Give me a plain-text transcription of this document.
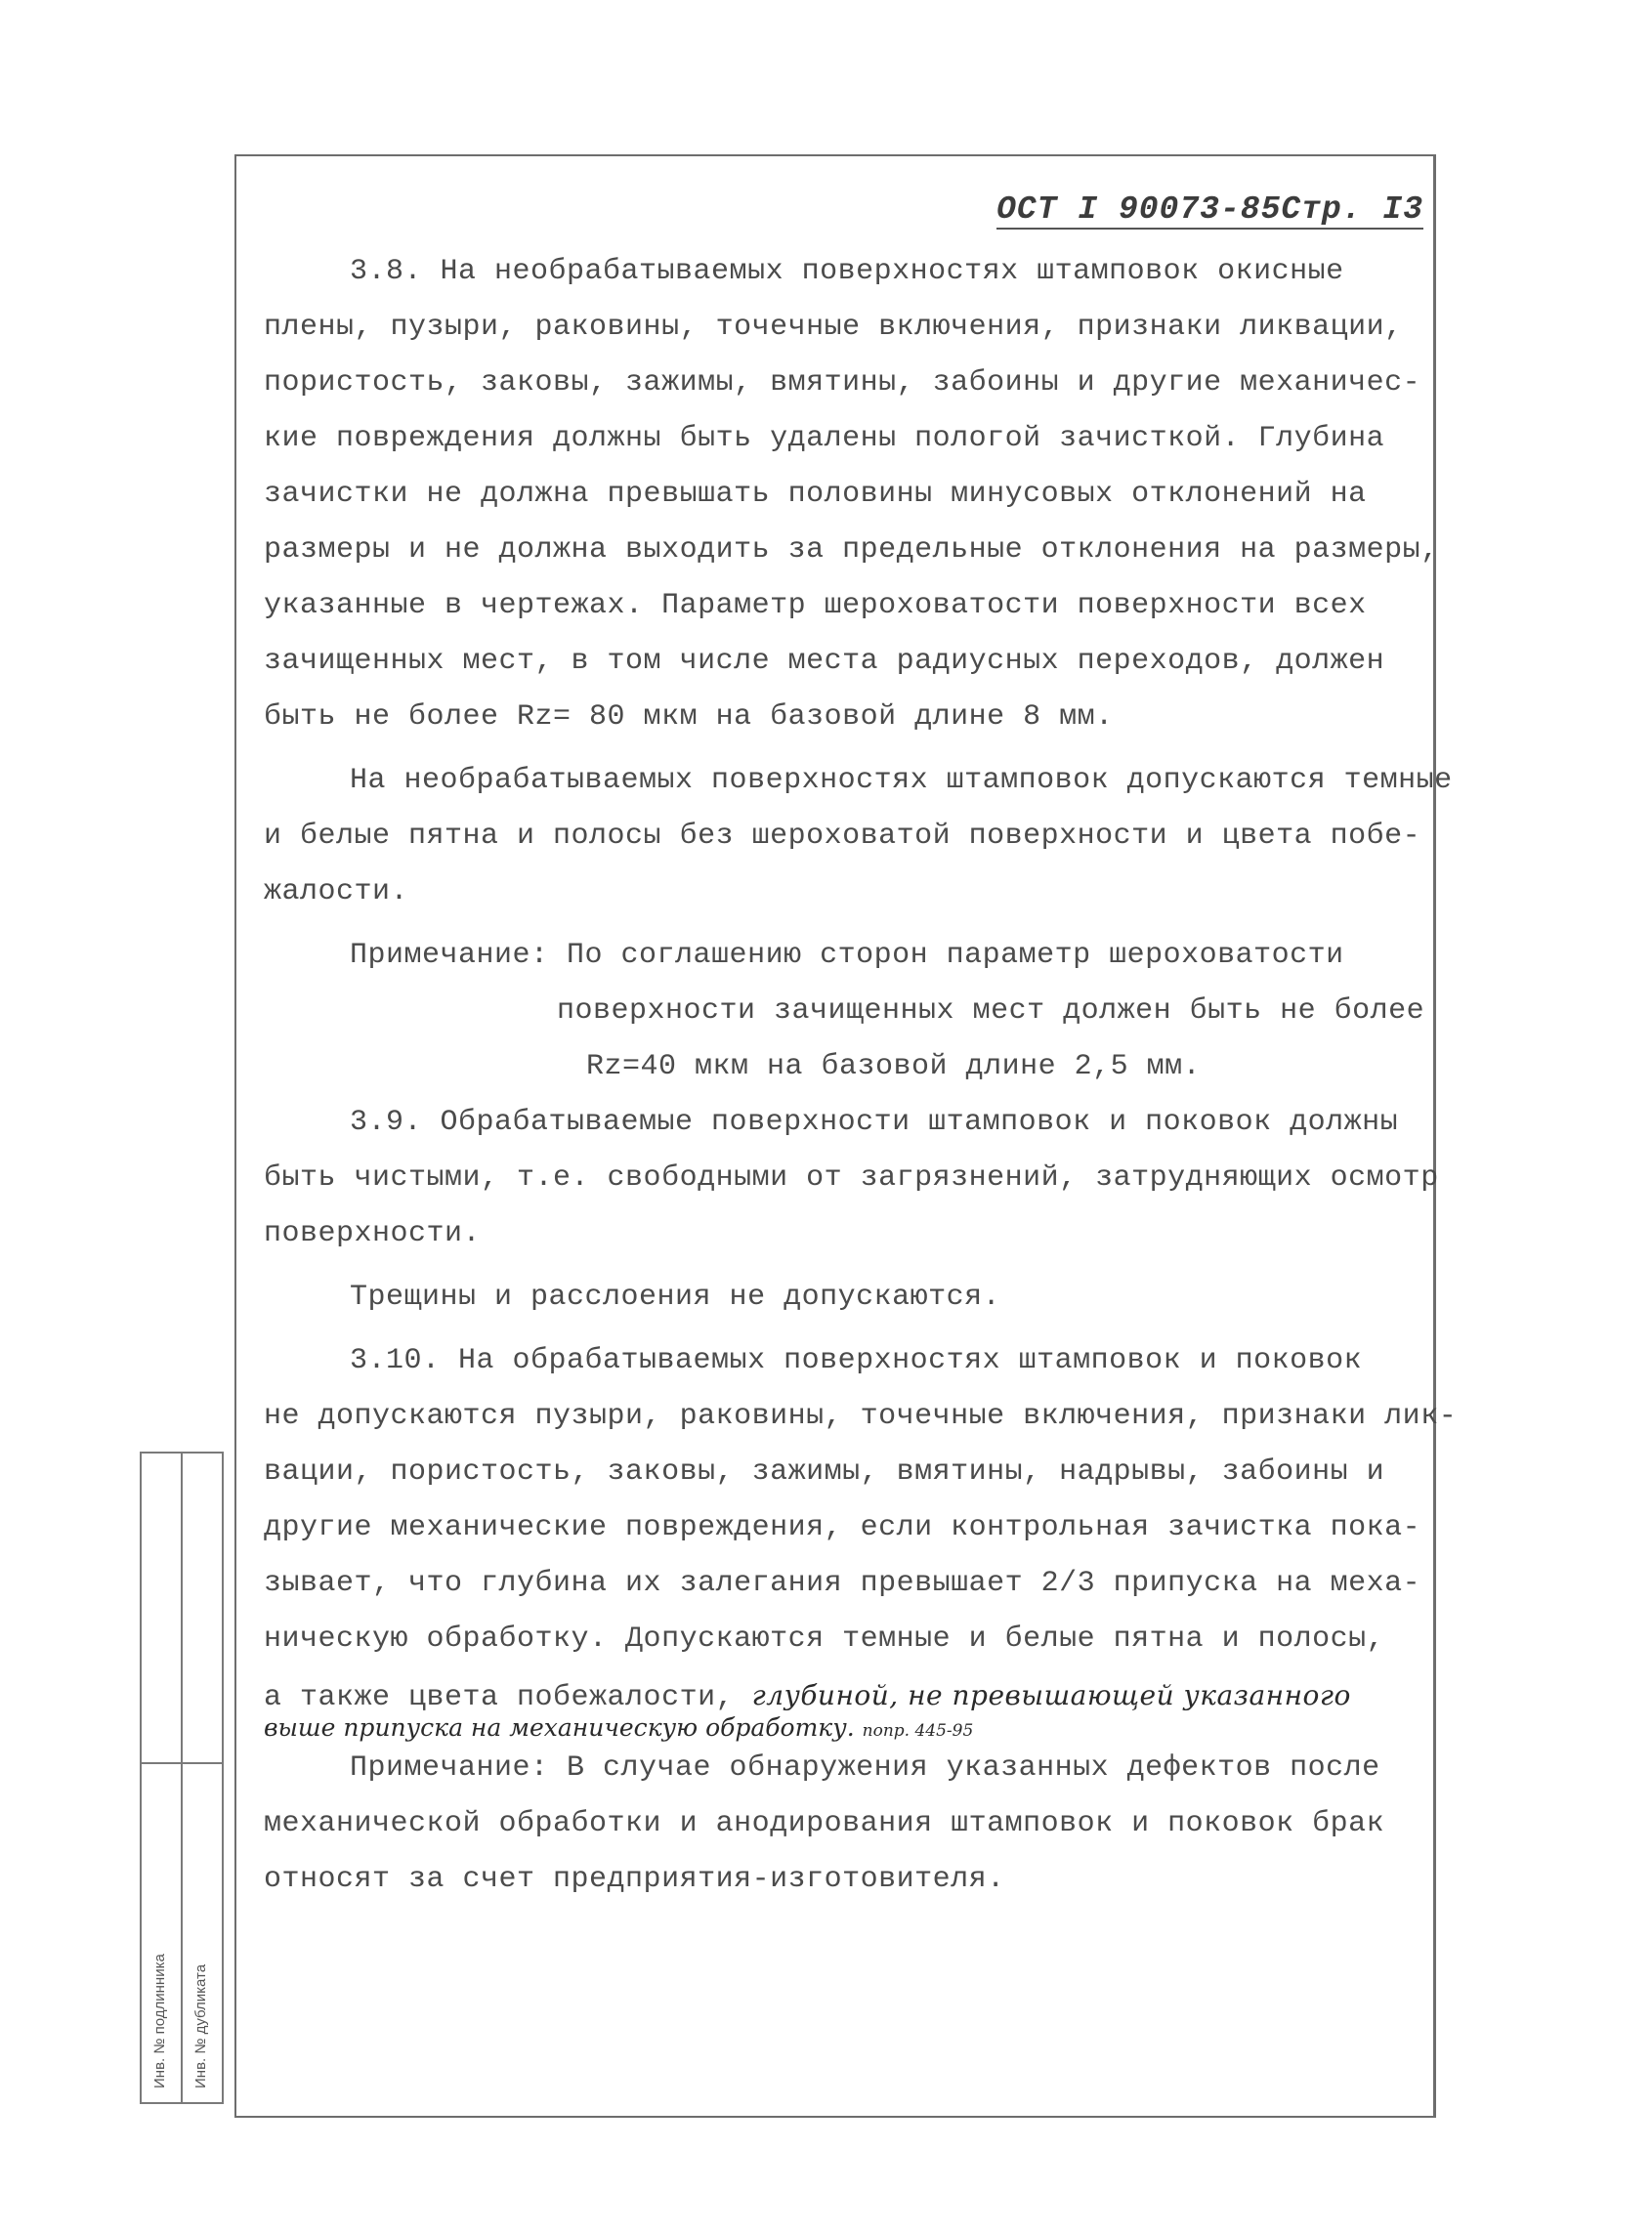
ОСТ I 90073-85Стр. I3
3.8. На необрабатываемых поверхностях штамповок окисные
плены, пузыри, раковины, точечные включения, признаки ликвации,
пористость, заковы, зажимы, вмятины, забоины и другие механичес-
кие повреждения должны быть удалены пологой зачисткой. Глубина
зачистки не должна превышать половины минусовых отклонений на
размеры и не должна выходить за предельные отклонения на размеры,
указанные в чертежах. Параметр шероховатости поверхности всех
зачищенных мест, в том числе места радиусных переходов, должен
быть не более Rz= 80 мкм на базовой длине 8 мм.
На необрабатываемых поверхностях штамповок допускаются темные
и белые пятна и полосы без шероховатой поверхности и цвета побе-
жалости.
Примечание: По соглашению сторон параметр шероховатости
поверхности зачищенных мест должен быть не более
Rz=40 мкм на базовой длине 2,5 мм.
3.9. Обрабатываемые поверхности штамповок и поковок должны
быть чистыми, т.е. свободными от загрязнений, затрудняющих осмотр
поверхности.
Трещины и расслоения не допускаются.
3.10. На обрабатываемых поверхностях штамповок и поковок
не допускаются пузыри, раковины, точечные включения, признаки лик-
вации, пористость, заковы, зажимы, вмятины, надрывы, забоины и
другие механические повреждения, если контрольная зачистка пока-
зывает, что глубина их залегания превышает 2/3 припуска на меха-
ническую обработку. Допускаются темные и белые пятна и полосы,
а также цвета побежалости, глубиной, не превышающей указанного
выше припуска на механическую обработку. попр. 445-95
Примечание: В случае обнаружения указанных дефектов после
механической обработки и анодирования штамповок и поковок брак
относят за счет предприятия-изготовителя.
Инв. № подлинника Инв. № дубликата
